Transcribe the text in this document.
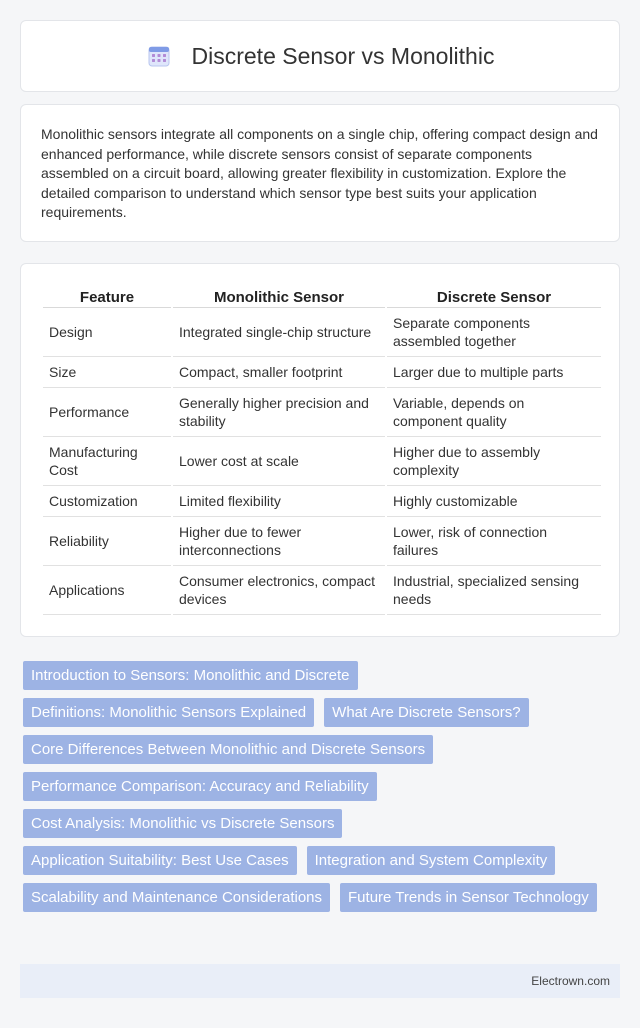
Discrete Sensor vs Monolithic

Monolithic sensors integrate all components on a single chip, offering compact design and enhanced performance, while discrete sensors consist of separate components assembled on a circuit board, allowing greater flexibility in customization. Explore the detailed comparison to understand which sensor type best suits your application requirements.

Feature	Monolithic Sensor	Discrete Sensor
Design	Integrated single-chip structure	Separate components assembled together
Size	Compact, smaller footprint	Larger due to multiple parts
Performance	Generally higher precision and stability	Variable, depends on component quality
Manufacturing Cost	Lower cost at scale	Higher due to assembly complexity
Customization	Limited flexibility	Highly customizable
Reliability	Higher due to fewer interconnections	Lower, risk of connection failures
Applications	Consumer electronics, compact devices	Industrial, specialized sensing needs
Introduction to Sensors: Monolithic and Discrete
Definitions: Monolithic Sensors Explained	What Are Discrete Sensors?
Core Differences Between Monolithic and Discrete Sensors
Performance Comparison: Accuracy and Reliability
Cost Analysis: Monolithic vs Discrete Sensors
Application Suitability: Best Use Cases	Integration and System Complexity
Scalability and Maintenance Considerations	Future Trends in Sensor Technology
Electrown.com
